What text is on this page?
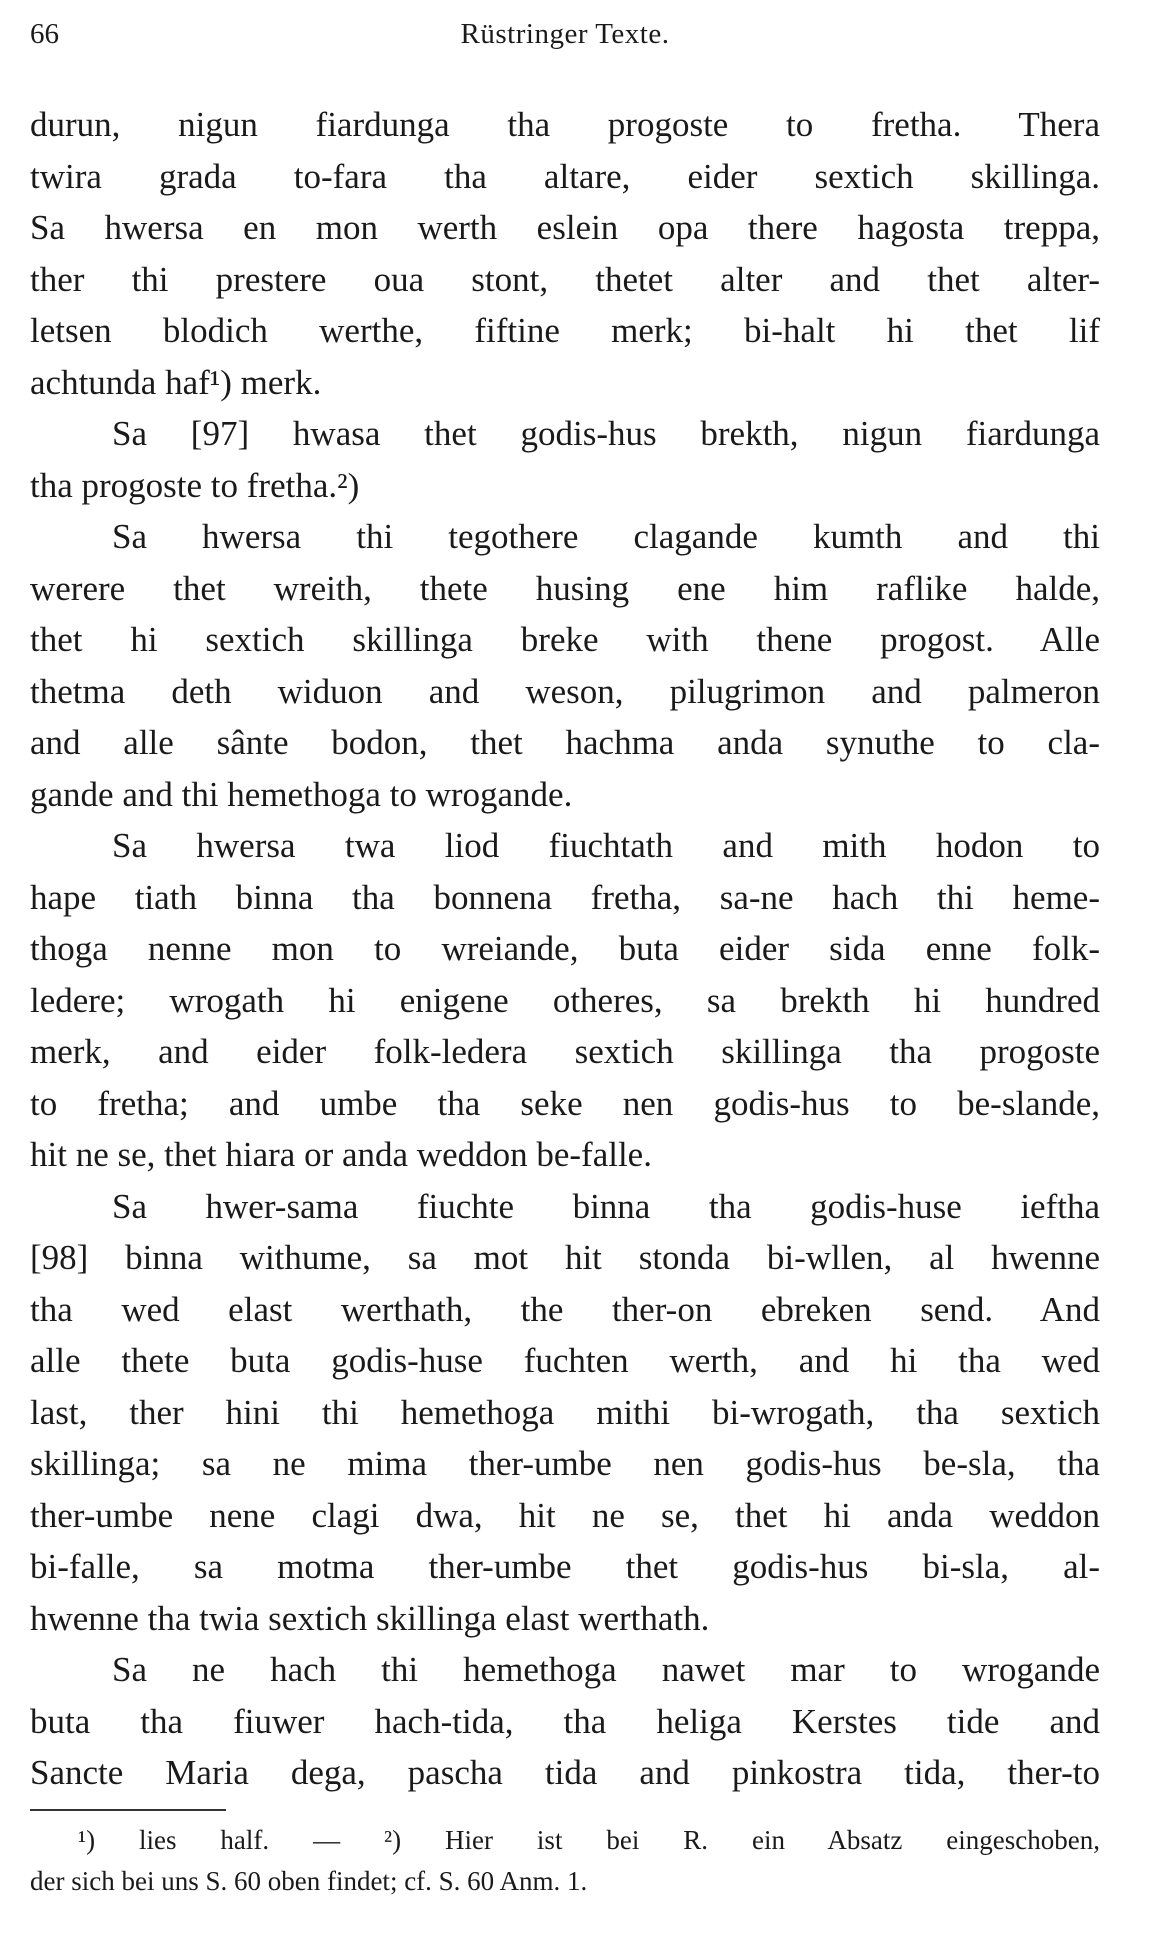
66	Rüstringer Texte.
durun, nigun fiardunga tha progoste to fretha. Thera
twira grada to-fara tha altare, eider sextich skillinga.
Sa hwersa en mon werth eslein opa there hagosta treppa,
ther thi prestere oua stont, thetet alter and thet alter-
letsen blodich werthe, fiftine merk; bi-halt hi thet lif
achtunda haf¹) merk.
Sa [97] hwasa thet godis-hus brekth, nigun fiardunga
tha progoste to fretha.²)
Sa hwersa thi tegothere clagande kumth and thi
werere thet wreith, thete husing ene him raflike halde,
thet hi sextich skillinga breke with thene progost. Alle
thetma deth widuon and weson, pilugrimon and palmeron
and alle sânte bodon, thet hachma anda synuthe to cla-
gande and thi hemethoga to wrogande.
Sa hwersa twa liod fiuchtath and mith hodon to
hape tiath binna tha bonnena fretha, sa-ne hach thi heme-
thoga nenne mon to wreiande, buta eider sida enne folk-
ledere; wrogath hi enigene otheres, sa brekth hi hundred
merk, and eider folk-ledera sextich skillinga tha progoste
to fretha; and umbe tha seke nen godis-hus to be-slande,
hit ne se, thet hiara or anda weddon be-falle.
Sa hwer-sama fiuchte binna tha godis-huse ieftha
[98] binna withume, sa mot hit stonda bi-wllen, al hwenne
tha wed elast werthath, the ther-on ebreken send. And
alle thete buta godis-huse fuchten werth, and hi tha wed
last, ther hini thi hemethoga mithi bi-wrogath, tha sextich
skillinga; sa ne mima ther-umbe nen godis-hus be-sla, tha
ther-umbe nene clagi dwa, hit ne se, thet hi anda weddon
bi-falle, sa motma ther-umbe thet godis-hus bi-sla, al-
hwenne tha twia sextich skillinga elast werthath.
Sa ne hach thi hemethoga nawet mar to wrogande
buta tha fiuwer hach-tida, tha heliga Kerstes tide and
Sancte Maria dega, pascha tida and pinkostra tida, ther-to
¹) lies half. — ²) Hier ist bei R. ein Absatz eingeschoben,
der sich bei uns S. 60 oben findet; cf. S. 60 Anm. 1.
